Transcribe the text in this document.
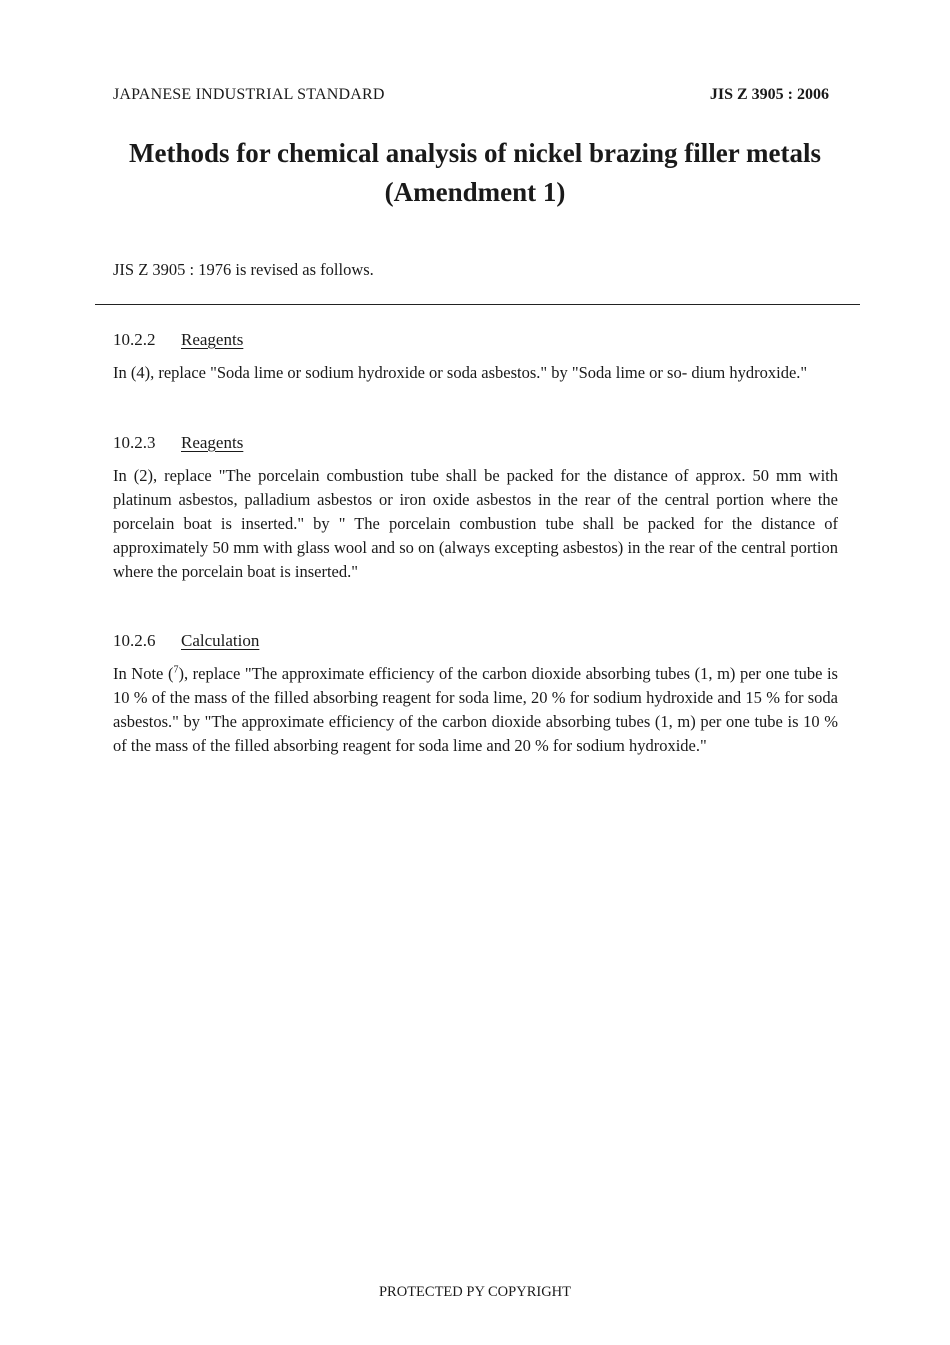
JAPANESE INDUSTRIAL STANDARD	JIS Z 3905 : 2006
Methods for chemical analysis of nickel brazing filler metals
(Amendment 1)
JIS Z 3905 : 1976 is revised as follows.
10.2.2 Reagents
In (4), replace "Soda lime or sodium hydroxide or soda asbestos." by "Soda lime or so- dium hydroxide."
10.2.3 Reagents
In (2), replace "The porcelain combustion tube shall be packed for the distance of approx. 50 mm with platinum asbestos, palladium asbestos or iron oxide asbestos in the rear of the central portion where the porcelain boat is inserted." by " The porcelain combustion tube shall be packed for the distance of approximately 50 mm with glass wool and so on (always excepting asbestos) in the rear of the central portion where the porcelain boat is inserted."
10.2.6 Calculation
In Note ($^7$), replace "The approximate efficiency of the carbon dioxide absorbing tubes (1, m) per one tube is 10 % of the mass of the filled absorbing reagent for soda lime, 20 % for sodium hydroxide and 15 % for soda asbestos." by "The approximate efficiency of the carbon dioxide absorbing tubes (1, m) per one tube is 10 % of the mass of the filled absorbing reagent for soda lime and 20 % for sodium hydroxide."
PROTECTED PY COPYRIGHT
